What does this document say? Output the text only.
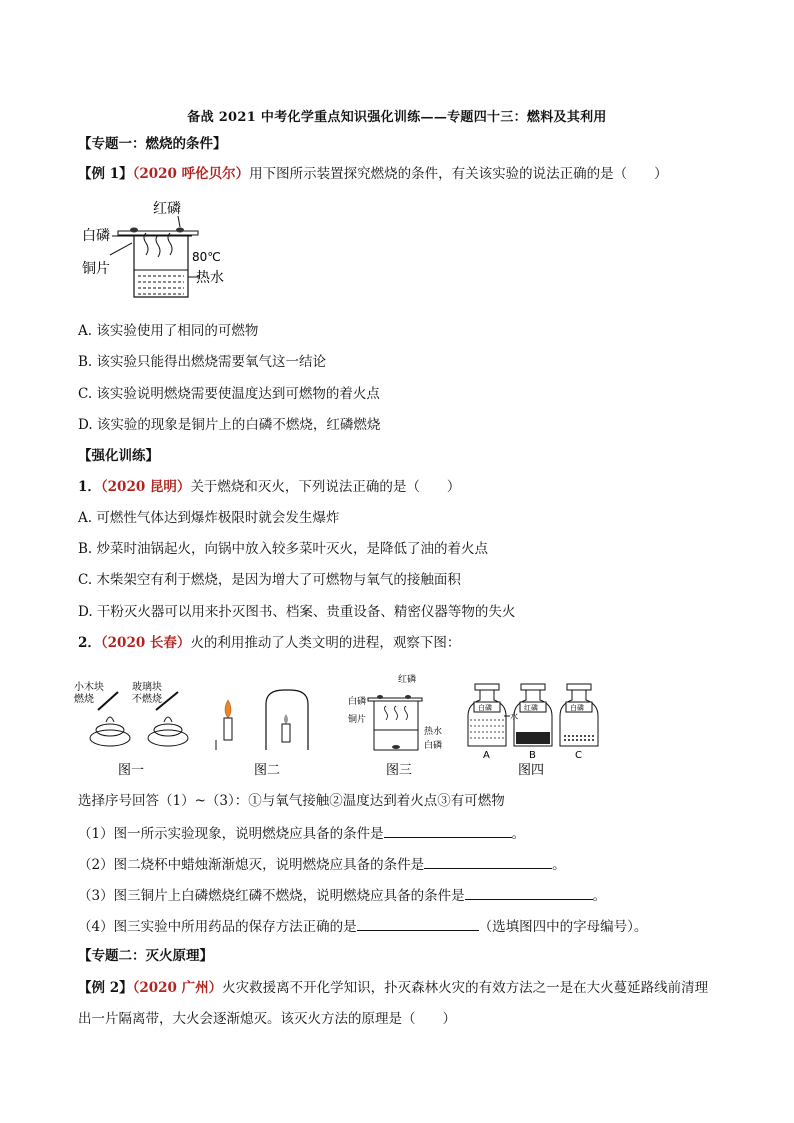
备战 2021 中考化学重点知识强化训练——专题四十三：燃料及其利用
【专题一：燃烧的条件】
【例 1】（2020 呼伦贝尔）用下图所示装置探究燃烧的条件，有关该实验的说法正确的是（　　）
红磷
白磷
80℃
热水
铜片
A. 该实验使用了相同的可燃物
B. 该实验只能得出燃烧需要氧气这一结论
C. 该实验说明燃烧需要使温度达到可燃物的着火点
D. 该实验的现象是铜片上的白磷不燃烧，红磷燃烧
【强化训练】
1．（2020 昆明）关于燃烧和灭火，下列说法正确的是（　　）
A. 可燃性气体达到爆炸极限时就会发生爆炸
B. 炒菜时油锅起火，向锅中放入较多菜叶灭火，是降低了油的着火点
C. 木柴架空有利于燃烧，是因为增大了可燃物与氧气的接触面积
D. 干粉灭火器可以用来扑灭图书、档案、贵重设备、精密仪器等物的失火
2．（2020 长春）火的利用推动了人类文明的进程，观察下图：
小木块燃烧
玻璃块不燃烧
图一	图二
红磷
白磷
铜片
热水
白磷
图三
白磷	红磷	白磷
水
A	B	C
图四
选择序号回答（1）~（3）：①与氧气接触②温度达到着火点③有可燃物
（1）图一所示实验现象，说明燃烧应具备的条件是	。
（2）图二烧杯中蜡烛渐渐熄灭，说明燃烧应具备的条件是	。
（3）图三铜片上白磷燃烧红磷不燃烧，说明燃烧应具备的条件是	。
（4）图三实验中所用药品的保存方法正确的是	（选填图四中的字母编号）。
【专题二：灭火原理】
【例 2】（2020 广州）火灾救援离不开化学知识，扑灭森林火灾的有效方法之一是在大火蔓延路线前清理
出一片隔离带，大火会逐渐熄灭。该灭火方法的原理是（　　）
